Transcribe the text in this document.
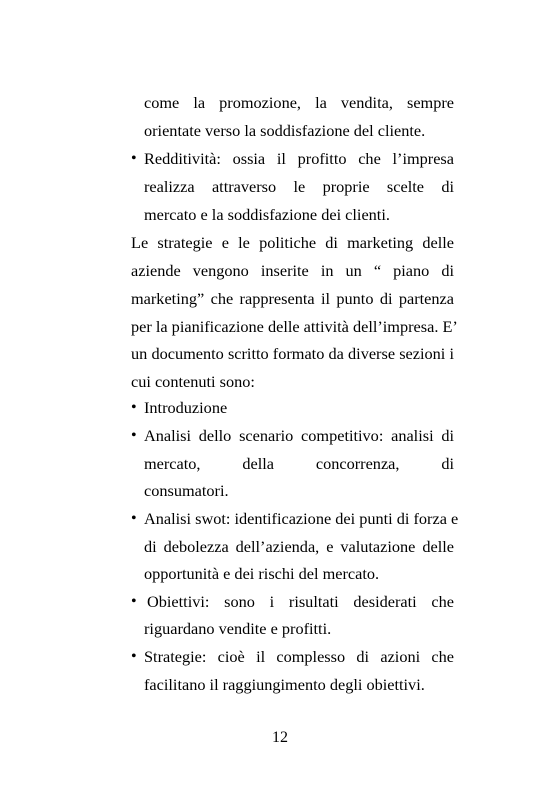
come la promozione, la vendita, sempre
orientate verso la soddisfazione del cliente.
• Redditività: ossia il profitto che l’impresa
realizza attraverso le proprie scelte di
mercato e la soddisfazione dei clienti.
Le strategie e le politiche di marketing delle
aziende vengono inserite in un “ piano di
marketing” che rappresenta il punto di partenza
per la pianificazione delle attività dell’impresa. E’
un documento scritto formato da diverse sezioni i
cui contenuti sono:
• Introduzione
• Analisi dello scenario competitivo: analisi di
mercato, della concorrenza, di
consumatori.
• Analisi swot: identificazione dei punti di forza e
di debolezza dell’azienda, e valutazione delle
opportunità e dei rischi del mercato.
• Obiettivi: sono i risultati desiderati che
riguardano vendite e profitti.
• Strategie: cioè il complesso di azioni che
facilitano il raggiungimento degli obiettivi.
12
